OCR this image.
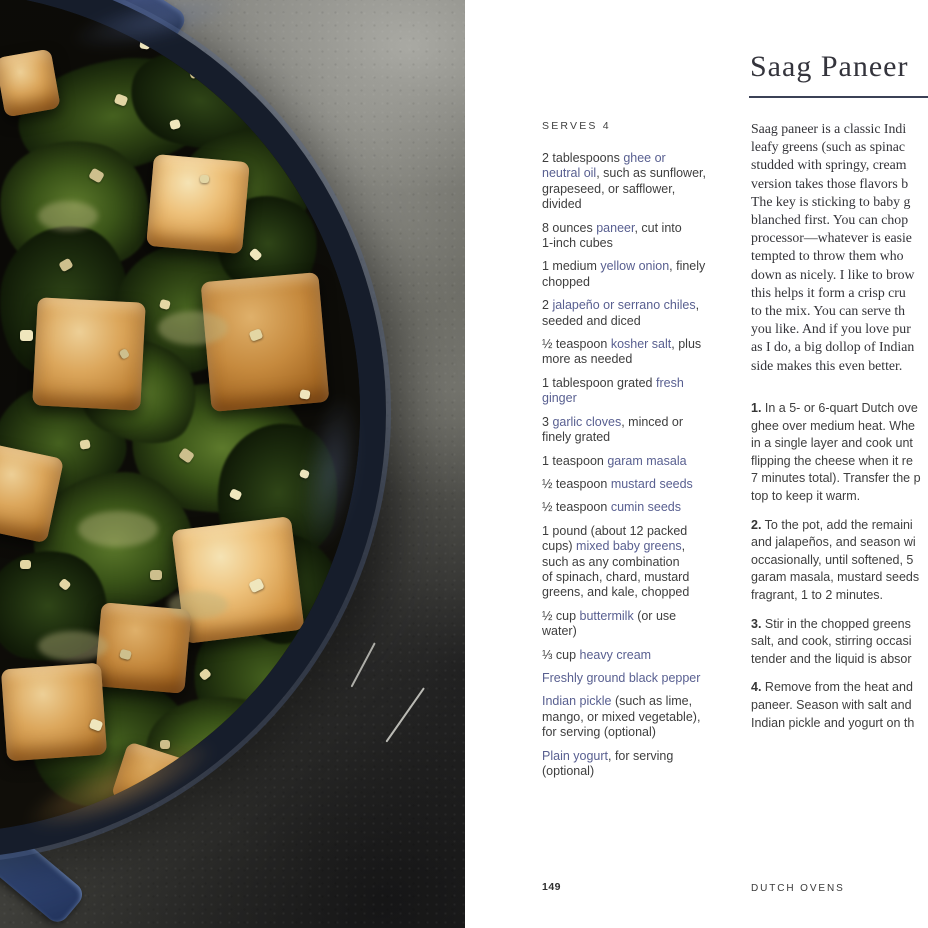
SERVES 4
2 tablespoons ghee or
neutral oil, such as sunflower,
grapeseed, or safflower,
divided
8 ounces paneer, cut into
1-inch cubes
1 medium yellow onion, finely
chopped
2 jalapeño or serrano chiles,
seeded and diced
½ teaspoon kosher salt, plus
more as needed
1 tablespoon grated fresh
ginger
3 garlic cloves, minced or
finely grated
1 teaspoon garam masala
½ teaspoon mustard seeds
½ teaspoon cumin seeds
1 pound (about 12 packed
cups) mixed baby greens,
such as any combination
of spinach, chard, mustard
greens, and kale, chopped
½ cup buttermilk (or use
water)
⅓ cup heavy cream
Freshly ground black pepper
Indian pickle (such as lime,
mango, or mixed vegetable),
for serving (optional)
Plain yogurt, for serving
(optional)
Saag Paneer
Saag paneer is a classic Indi
leafy greens (such as spinac
studded with springy, cream
version takes those flavors b
The key is sticking to baby g
blanched first. You can chop
processor—whatever is easie
tempted to throw them who
down as nicely. I like to brow
this helps it form a crisp cru
to the mix. You can serve th
you like. And if you love pur
as I do, a big dollop of Indian
side makes this even better.
1. In a 5- or 6-quart Dutch ove
ghee over medium heat. Whe
in a single layer and cook unt
flipping the cheese when it re
7 minutes total). Transfer the p
top to keep it warm.
2. To the pot, add the remaini
and jalapeños, and season wi
occasionally, until softened, 5
garam masala, mustard seeds
fragrant, 1 to 2 minutes.
3. Stir in the chopped greens
salt, and cook, stirring occasi
tender and the liquid is absor
4. Remove from the heat and
paneer. Season with salt and
Indian pickle and yogurt on th
149	DUTCH OVENS
